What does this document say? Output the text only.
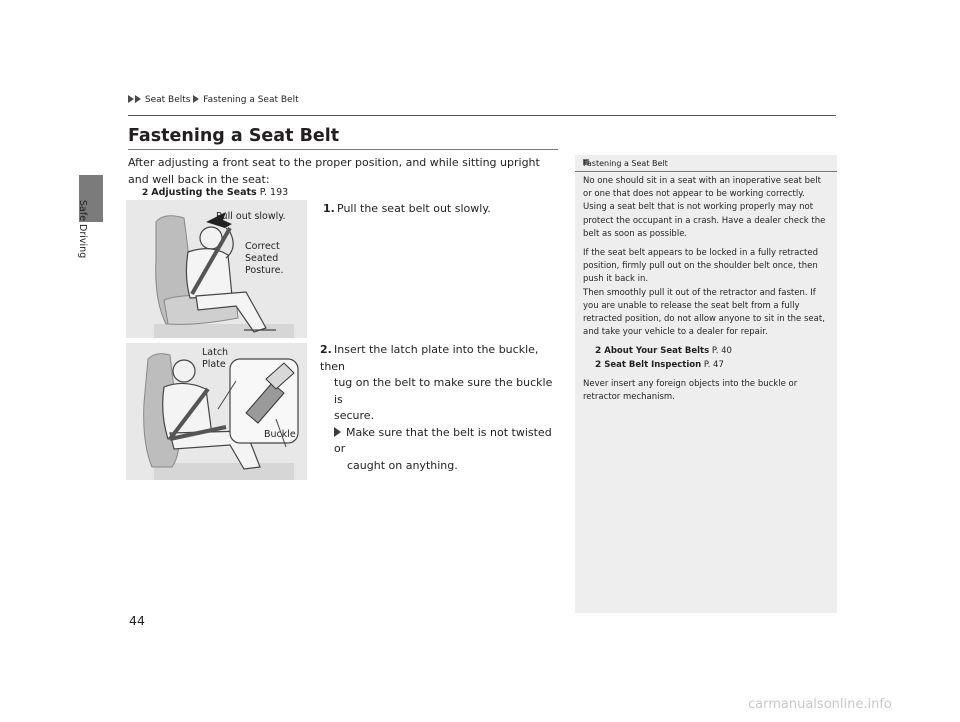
Safe Driving
Seat Belts Fastening a Seat Belt
Fastening a Seat Belt
After adjusting a front seat to the proper position, and while sitting upright and well back in the seat:
2 Adjusting the Seats P. 193
Pull out slowly.
Correct
Seated
Posture.
Latch
Plate
Buckle
1. Pull the seat belt out slowly.
2. Insert the latch plate into the buckle, then
tug on the belt to make sure the buckle is
secure.
Make sure that the belt is not twisted or
caught on anything.
Fastening a Seat Belt

No one should sit in a seat with an inoperative seat belt or one that does not appear to be working correctly. Using a seat belt that is not working properly may not protect the occupant in a crash. Have a dealer check the belt as soon as possible.

If the seat belt appears to be locked in a fully retracted position, firmly pull out on the shoulder belt once, then push it back in.

Then smoothly pull it out of the retractor and fasten. If you are unable to release the seat belt from a fully retracted position, do not allow anyone to sit in the seat, and take your vehicle to a dealer for repair.

2 About Your Seat Belts P. 40
2 Seat Belt Inspection P. 47

Never insert any foreign objects into the buckle or retractor mechanism.

44
carmanualsonline.info
